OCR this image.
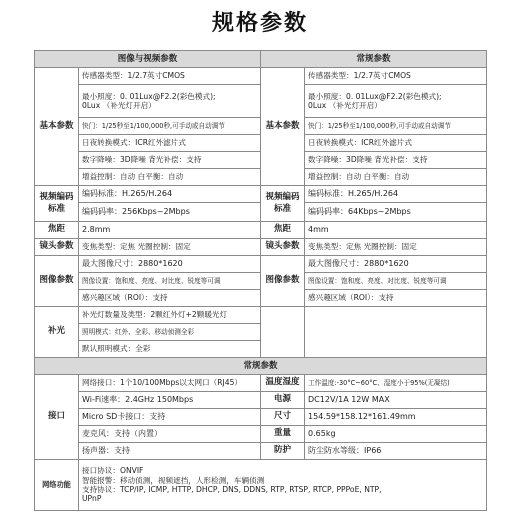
规格参数
图像与视频参数		常规参数	
基本参数	传感器类型：1/2.7英寸CMOS	基本参数	传感器类型：1/2.7英寸CMOS

	最小照度：0. 01Lux@F2.2(彩色模式);
0Lux （补光灯开启）		最小照度：0. 01Lux@F2.2(彩色模式);
0Lux （补光灯开启）

	快门：1/25秒至1/100,000秒,可手动或自动调节		快门：1/25秒至1/100,000秒,可手动或自动调节
	日夜转换模式：ICR红外滤片式		日夜转换模式：ICR红外滤片式
	数字降噪：3D降噪 背光补偿：支持		数字降噪：3D降噪 背光补偿：支持
	增益控制：自动 白平衡：自动		增益控制：自动 白平衡：自动
视频编码标准	编码标准：H.265/H.264	视频编码标准	编码标准：H.265/H.264
	编码码率：256Kbps~2Mbps		编码码率：64Kbps~2Mbps
焦距	2.8mm	焦距	4mm
镜头参数	变焦类型：定焦 光圈控制：固定	镜头参数	变焦类型：定焦 光圈控制：固定
图像参数	最大图像尺寸：2880*1620	图像参数	最大图像尺寸：2880*1620
	图像设置：饱和度、亮度、对比度、锐度等可调		图像设置：饱和度、亮度、对比度、锐度等可调
	感兴趣区域（ROI）：支持		感兴趣区域（ROI）：支持
补光	补光灯数量及类型：2颗红外灯+2颗暖光灯		
	照明模式：红外、全彩、移动侦测全彩		
	默认照明模式：全彩		
常规参数			
接口	网络接口：1个10/100Mbps以太网口（RJ45）	温度湿度	工作温度:-30°C~60°C、湿度小于95%(无凝结)
	Wi-Fi速率：2.4GHz 150Mbps	电源	DC12V/1A 12W MAX
	Micro SD卡接口：支持	尺寸	154.59*158.12*161.49mm
	麦克风：支持（内置）	重量	0.65kg
	扬声器：支持	防护	防尘防水等级：IP66
网络功能	接口协议：ONVIF
智能报警：移动侦测，视频遮挡，人形检测，车辆侦测
支持协议：TCP/IP, ICMP, HTTP, DHCP, DNS, DDNS, RTP, RTSP, RTCP, PPPoE, NTP,
UPnP		
